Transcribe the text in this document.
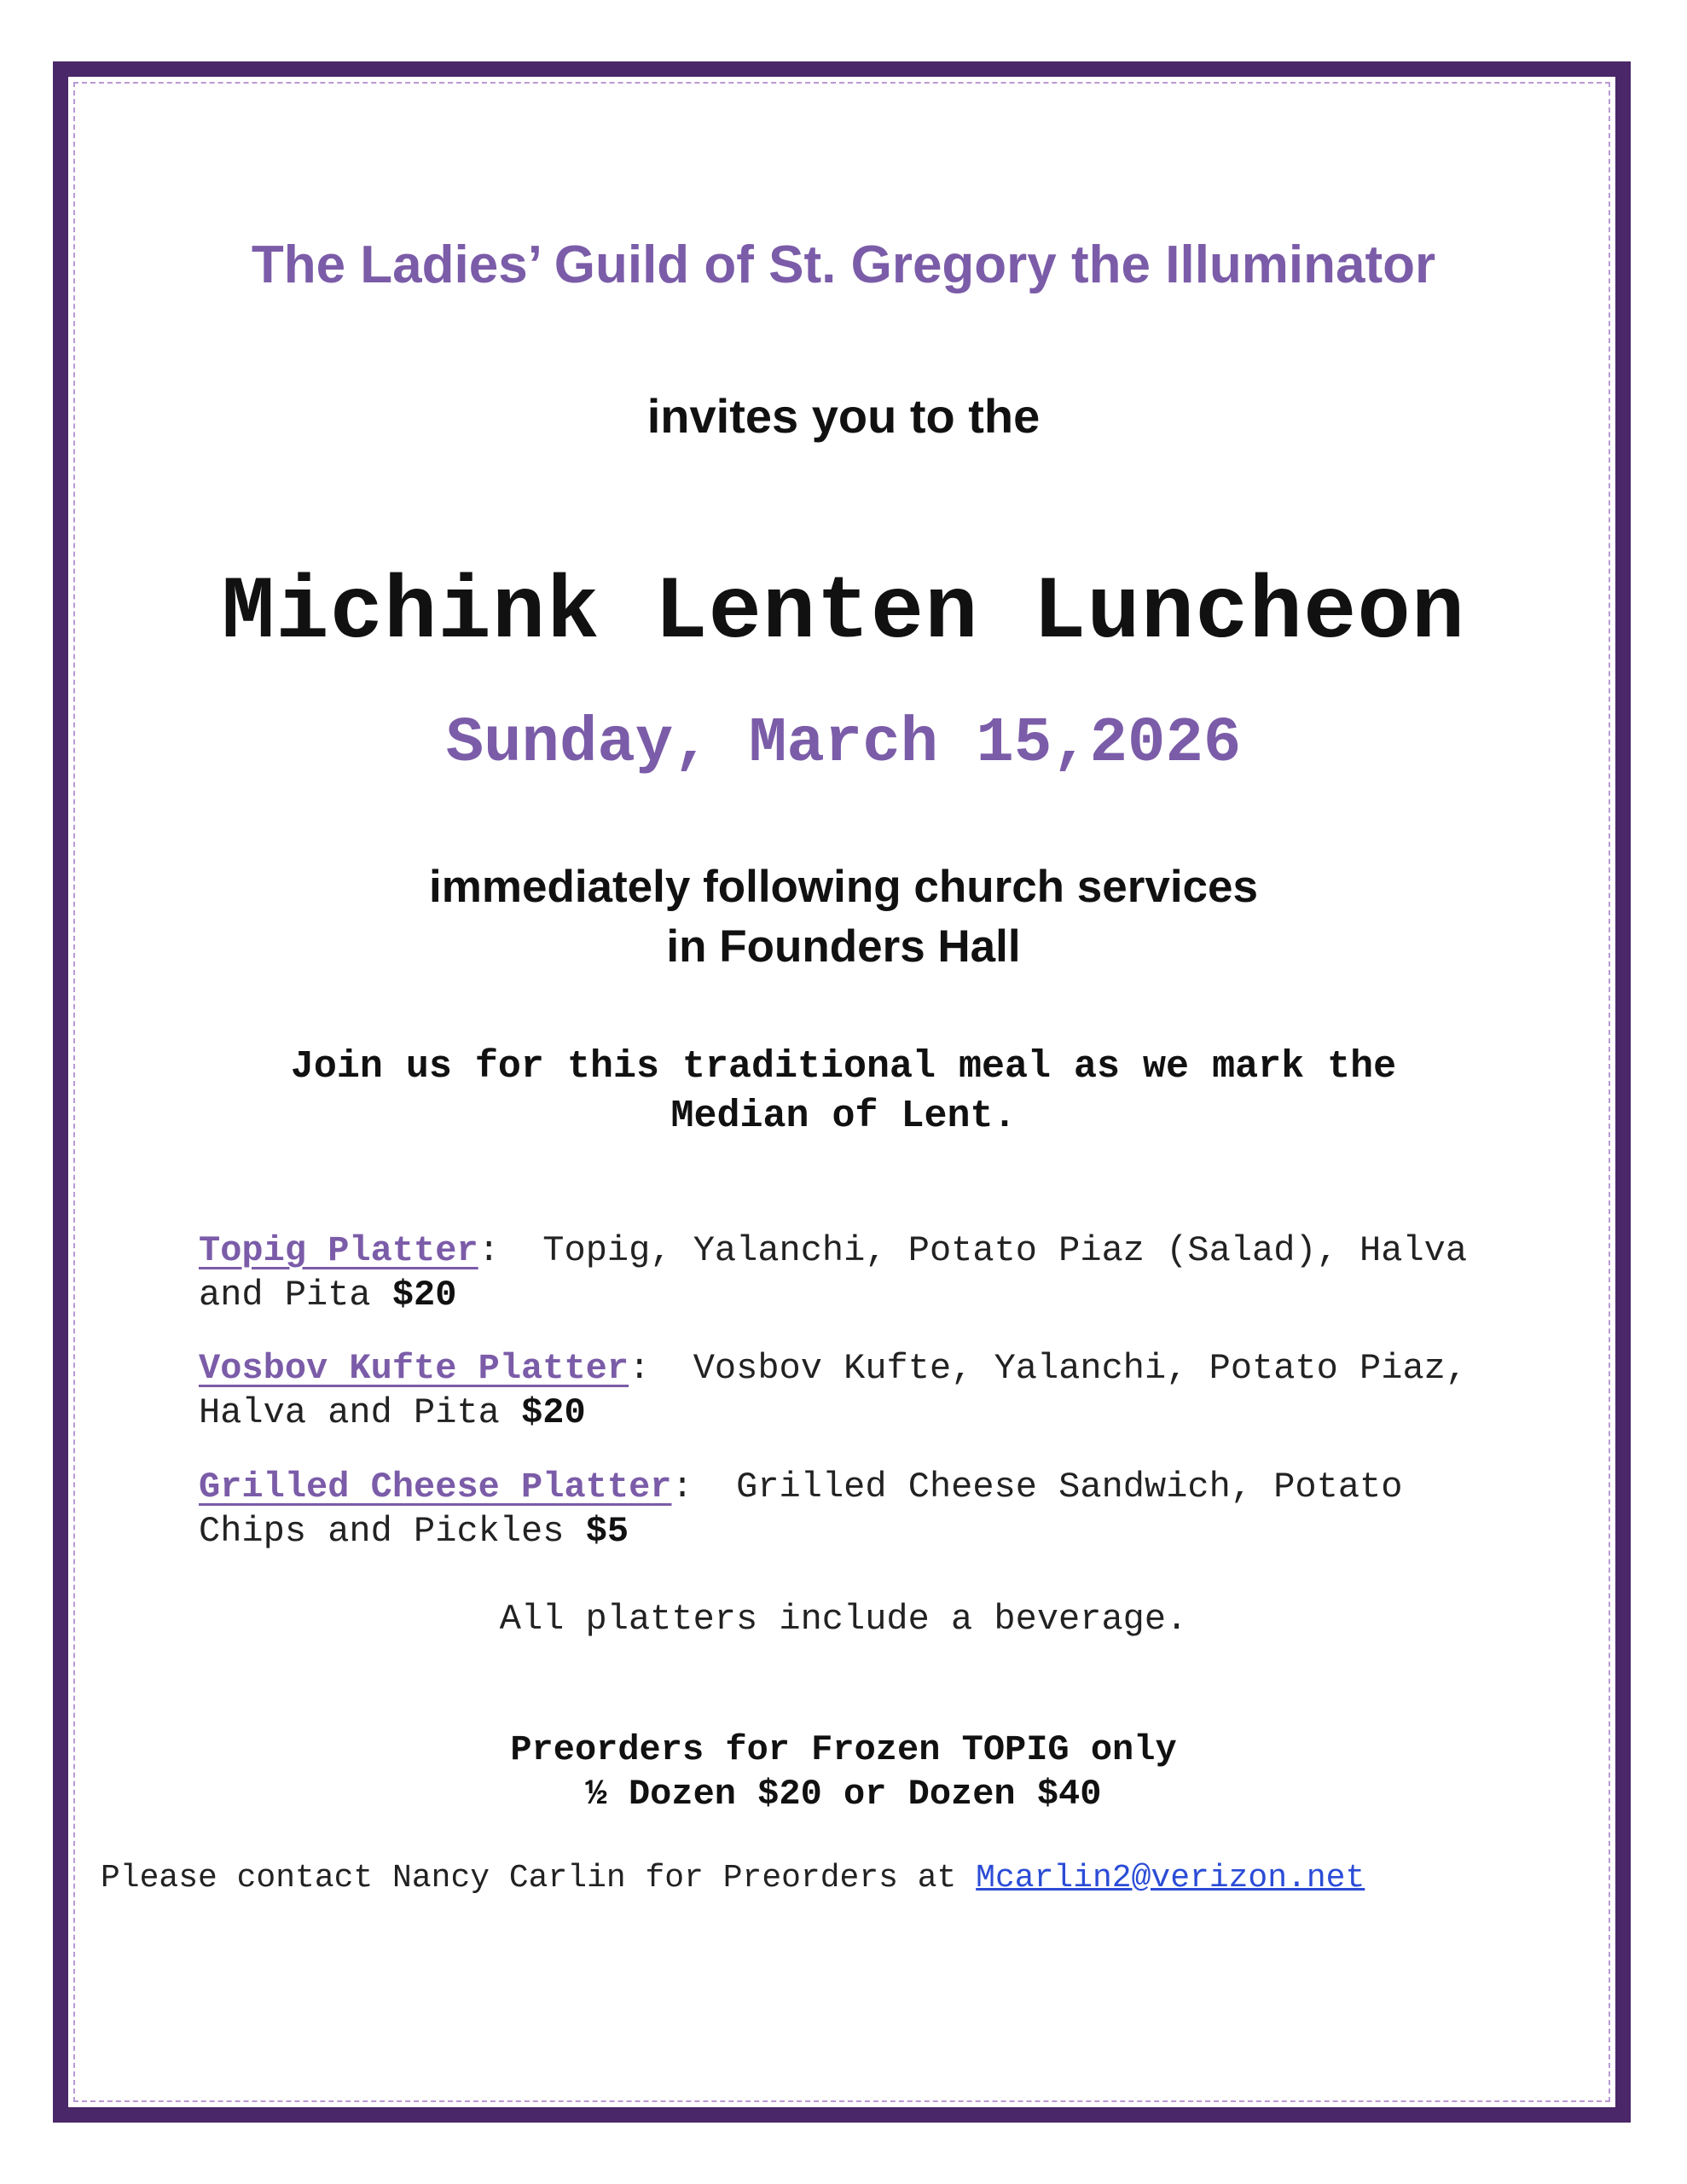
The Ladies’ Guild of St. Gregory the Illuminator
invites you to the
Michink Lenten Luncheon
Sunday, March 15,2026
immediately following church services
in Founders Hall
Join us for this traditional meal as we mark the
Median of Lent.
Topig Platter:  Topig, Yalanchi, Potato Piaz (Salad), Halva
and Pita $20
Vosbov Kufte Platter:  Vosbov Kufte, Yalanchi, Potato Piaz,
Halva and Pita $20
Grilled Cheese Platter:  Grilled Cheese Sandwich, Potato
Chips and Pickles $5
All platters include a beverage.
Preorders for Frozen TOPIG only
½ Dozen $20 or Dozen $40
Please contact Nancy Carlin for Preorders at Mcarlin2@verizon.net
